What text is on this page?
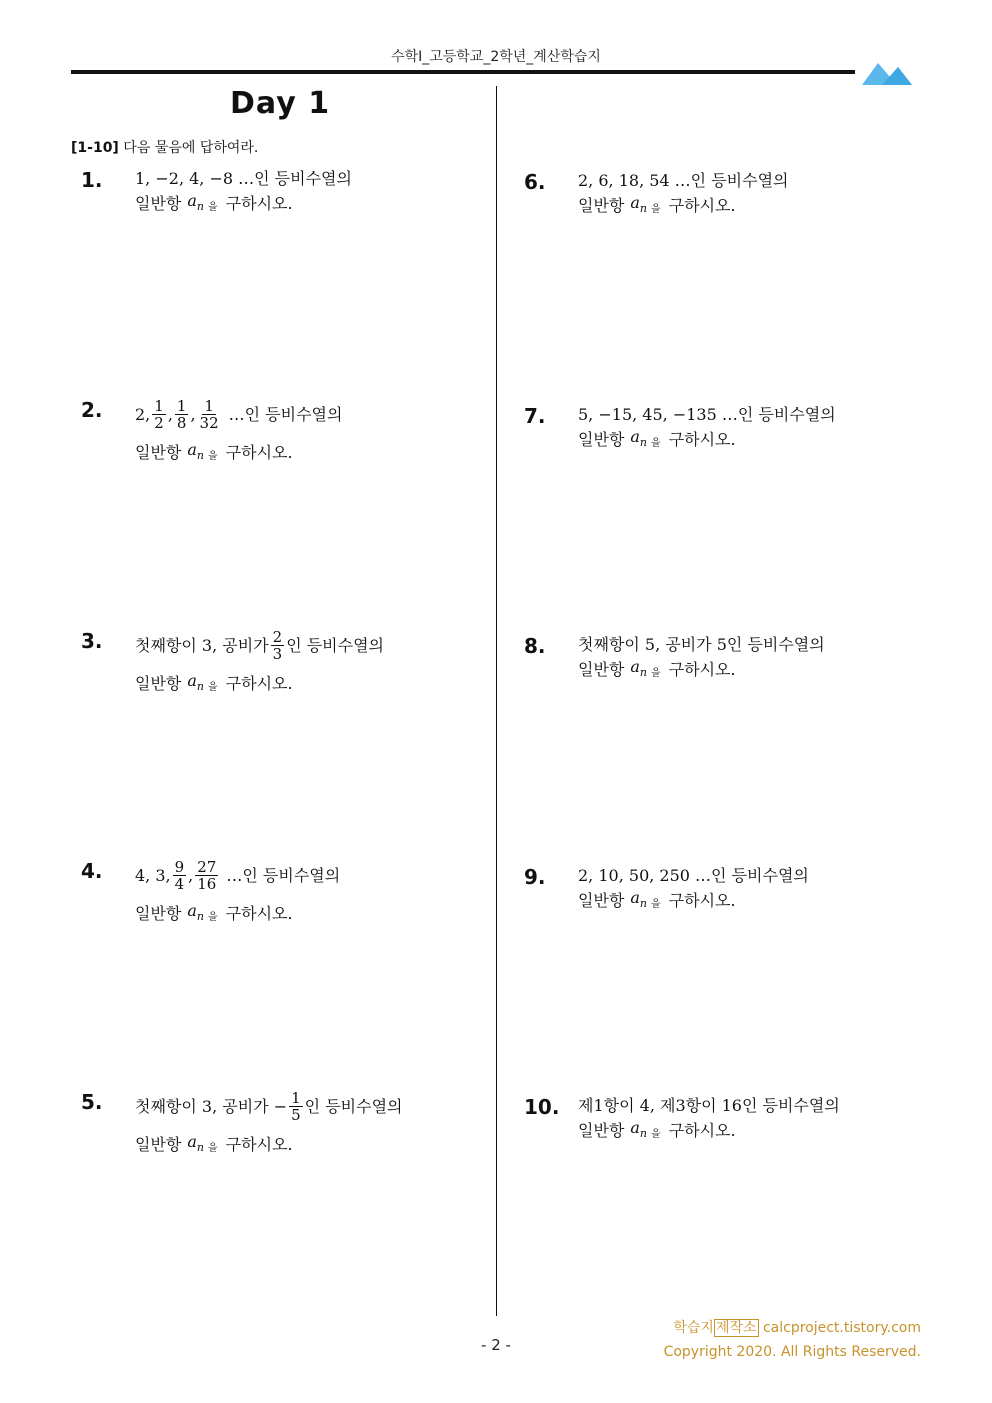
수학I_고등학교_2학년_계산학습지
Day 1
[1-10] 다음 물음에 답하여라.
1. 1, −2, 4, −8 …인 등비수열의
일반항 $a_n$ 을 구하시오.
2. 2, $\frac{1}{2}$ , $\frac{1}{8}$ , $\frac{1}{32}$ …인 등비수열의
일반항 $a_n$ 을 구하시오.
3. 첫째항이 3, 공비가 $\frac{2}{3}$ 인 등비수열의
일반항 $a_n$ 을 구하시오.
4. 4, 3, $\frac{9}{4}$ , $\frac{27}{16}$ …인 등비수열의
일반항 $a_n$ 을 구하시오.
5. 첫째항이 3, 공비가 − $\frac{1}{5}$ 인 등비수열의
일반항 $a_n$ 을 구하시오.
6. 2, 6, 18, 54 …인 등비수열의
일반항 $a_n$ 을 구하시오.
7. 5, −15, 45, −135 …인 등비수열의
일반항 $a_n$ 을 구하시오.
8. 첫째항이 5, 공비가 5인 등비수열의
일반항 $a_n$ 을 구하시오.
9. 2, 10, 50, 250 …인 등비수열의
일반항 $a_n$ 을 구하시오.
10. 제1항이 4, 제3항이 16인 등비수열의
일반항 $a_n$ 을 구하시오.
학습지 제작소 calcproject.tistory.com
Copyright 2020. All Rights Reserved.
- 2 -
